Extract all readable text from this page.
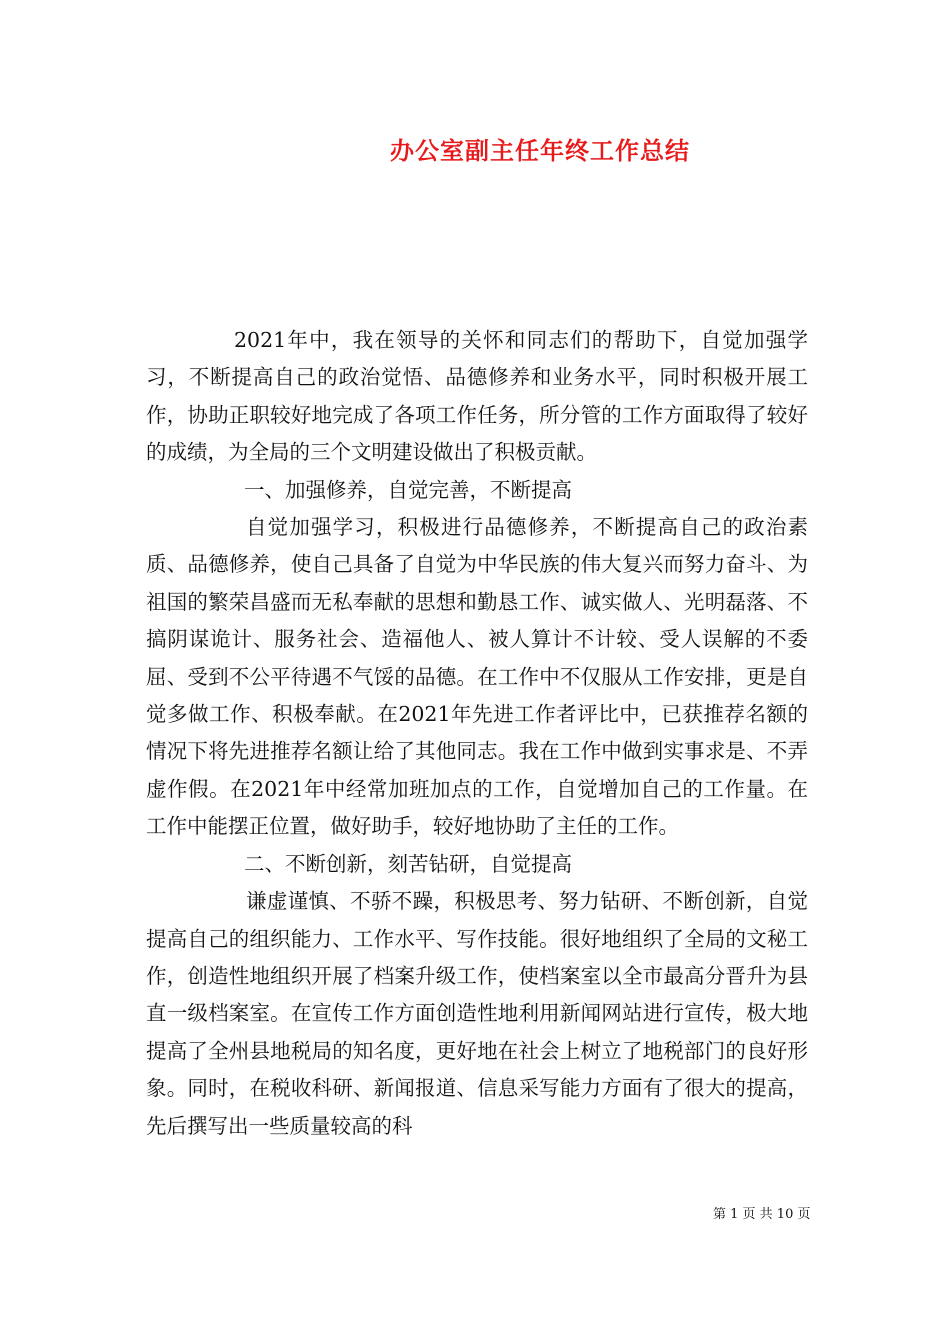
办公室副主任年终工作总结

2021年中，我在领导的关怀和同志们的帮助下，自觉加强学习，不断提高自己的政治觉悟、品德修养和业务水平，同时积极开展工作，协助正职较好地完成了各项工作任务，所分管的工作方面取得了较好的成绩，为全局的三个文明建设做出了积极贡献。

一、加强修养，自觉完善，不断提高

自觉加强学习，积极进行品德修养，不断提高自己的政治素质、品德修养，使自己具备了自觉为中华民族的伟大复兴而努力奋斗、为祖国的繁荣昌盛而无私奉献的思想和勤恳工作、诚实做人、光明磊落、不搞阴谋诡计、服务社会、造福他人、被人算计不计较、受人误解的不委屈、受到不公平待遇不气馁的品德。在工作中不仅服从工作安排，更是自觉多做工作、积极奉献。在2021年先进工作者评比中，已获推荐名额的情况下将先进推荐名额让给了其他同志。我在工作中做到实事求是、不弄虚作假。在2021年中经常加班加点的工作，自觉增加自己的工作量。在工作中能摆正位置，做好助手，较好地协助了主任的工作。

二、不断创新，刻苦钻研，自觉提高

谦虚谨慎、不骄不躁，积极思考、努力钻研、不断创新，自觉提高自己的组织能力、工作水平、写作技能。很好地组织了全局的文秘工作，创造性地组织开展了档案升级工作，使档案室以全市最高分晋升为县直一级档案室。在宣传工作方面创造性地利用新闻网站进行宣传，极大地提高了全州县地税局的知名度，更好地在社会上树立了地税部门的良好形象。同时，在税收科研、新闻报道、信息采写能力方面有了很大的提高，先后撰写出一些质量较高的科

第 1 页 共 10 页
